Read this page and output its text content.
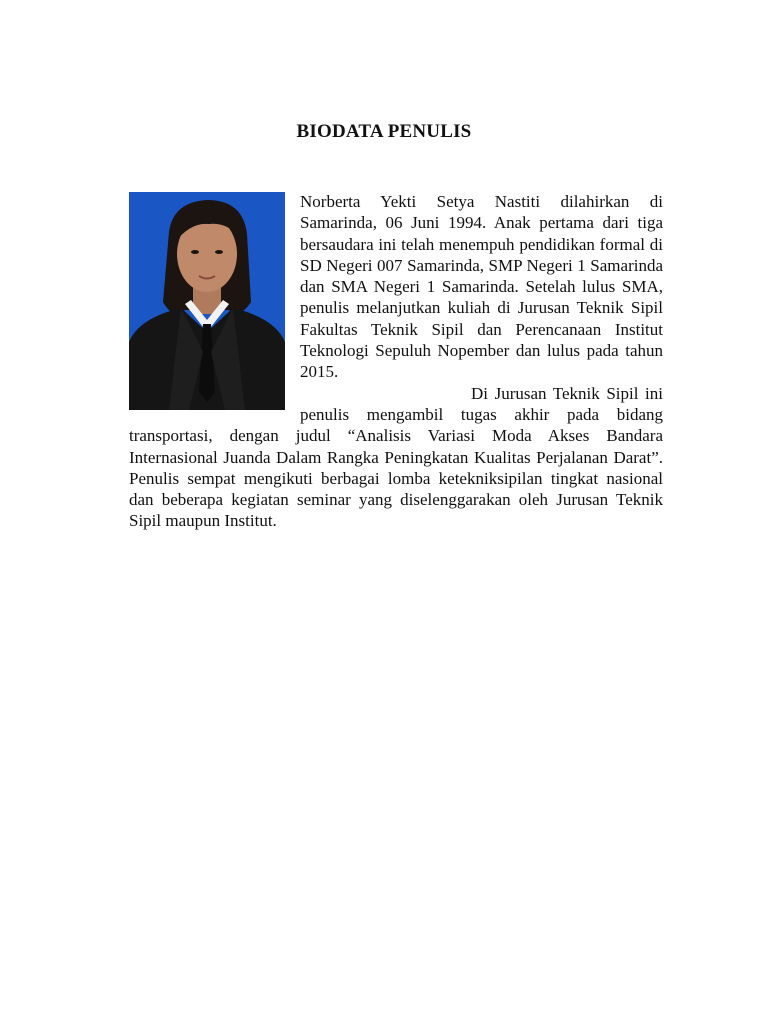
BIODATA PENULIS

Norberta Yekti Setya Nastiti dilahirkan di Samarinda, 06 Juni 1994. Anak pertama dari tiga bersaudara ini telah menempuh pendidikan formal di SD Negeri 007 Samarinda, SMP Negeri 1 Samarinda dan SMA Negeri 1 Samarinda. Setelah lulus SMA, penulis melanjutkan kuliah di Jurusan Teknik Sipil Fakultas Teknik Sipil dan Perencanaan Institut Teknologi Sepuluh Nopember dan lulus pada tahun 2015.

Di Jurusan Teknik Sipil ini penulis mengambil tugas akhir pada bidang transportasi, dengan judul “Analisis Variasi Moda Akses Bandara Internasional Juanda Dalam Rangka Peningkatan Kualitas Perjalanan Darat”. Penulis sempat mengikuti berbagai lomba ketekniksipilan tingkat nasional dan beberapa kegiatan seminar yang diselenggarakan oleh Jurusan Teknik Sipil maupun Institut.
